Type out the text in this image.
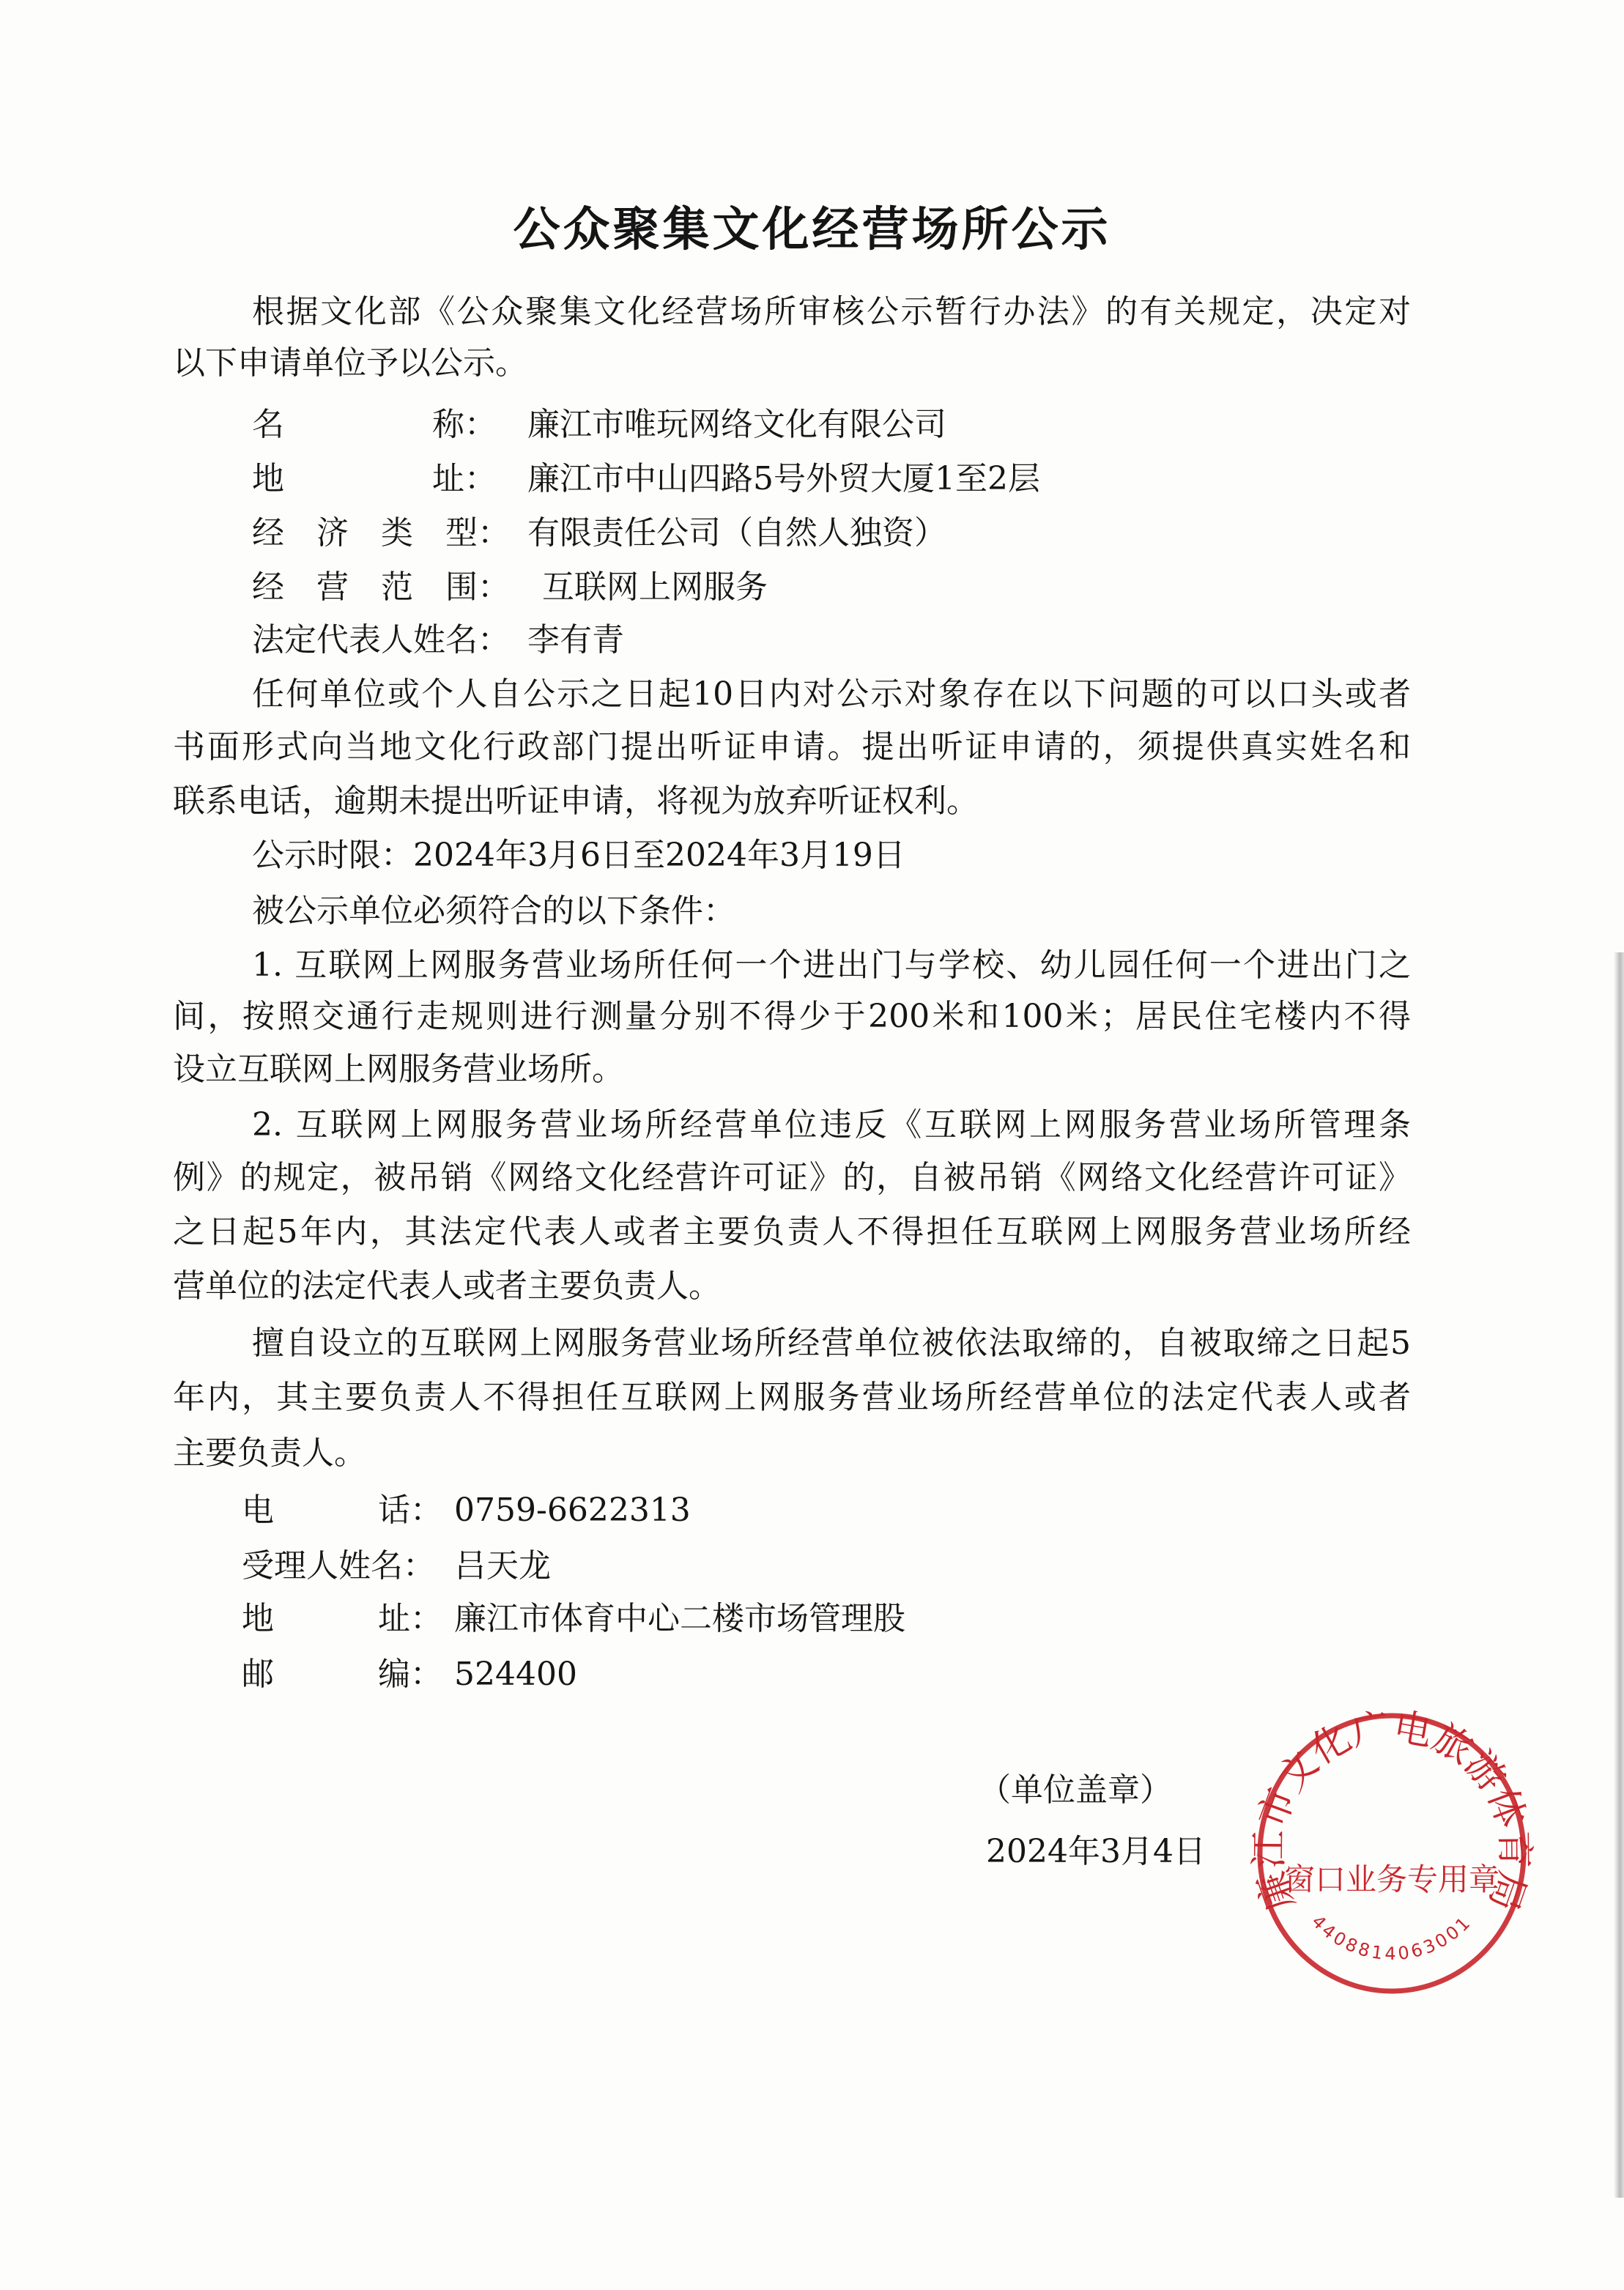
公众聚集文化经营场所公示
根据文化部《公众聚集文化经营场所审核公示暂行办法》的有关规定，决定对
以下申请单位予以公示。
名	称： 廉江市唯玩网络文化有限公司
地	址： 廉江市中山四路5号外贸大厦1至2层
经　济　类　型： 有限责任公司（自然人独资）
经　营　范　围： 互联网上网服务
法定代表人姓名： 李有青
任何单位或个人自公示之日起10日内对公示对象存在以下问题的可以口头或者
书面形式向当地文化行政部门提出听证申请。提出听证申请的，须提供真实姓名和
联系电话，逾期未提出听证申请，将视为放弃听证权利。
公示时限：2024年3月6日至2024年3月19日
被公示单位必须符合的以下条件：
1. 互联网上网服务营业场所任何一个进出门与学校、幼儿园任何一个进出门之
间，按照交通行走规则进行测量分别不得少于200米和100米；居民住宅楼内不得
设立互联网上网服务营业场所。
2. 互联网上网服务营业场所经营单位违反《互联网上网服务营业场所管理条
例》的规定，被吊销《网络文化经营许可证》的，自被吊销《网络文化经营许可证》
之日起5年内，其法定代表人或者主要负责人不得担任互联网上网服务营业场所经
营单位的法定代表人或者主要负责人。
擅自设立的互联网上网服务营业场所经营单位被依法取缔的，自被取缔之日起5
年内，其主要负责人不得担任互联网上网服务营业场所经营单位的法定代表人或者
主要负责人。
电	话： 0759-6622313
受理人姓名： 吕天龙
地	址： 廉江市体育中心二楼市场管理股
邮	编： 524400
廉江市文化广电旅游体育局
窗口业务专用章
4408814063001
（单位盖章）
2024年3月4日
